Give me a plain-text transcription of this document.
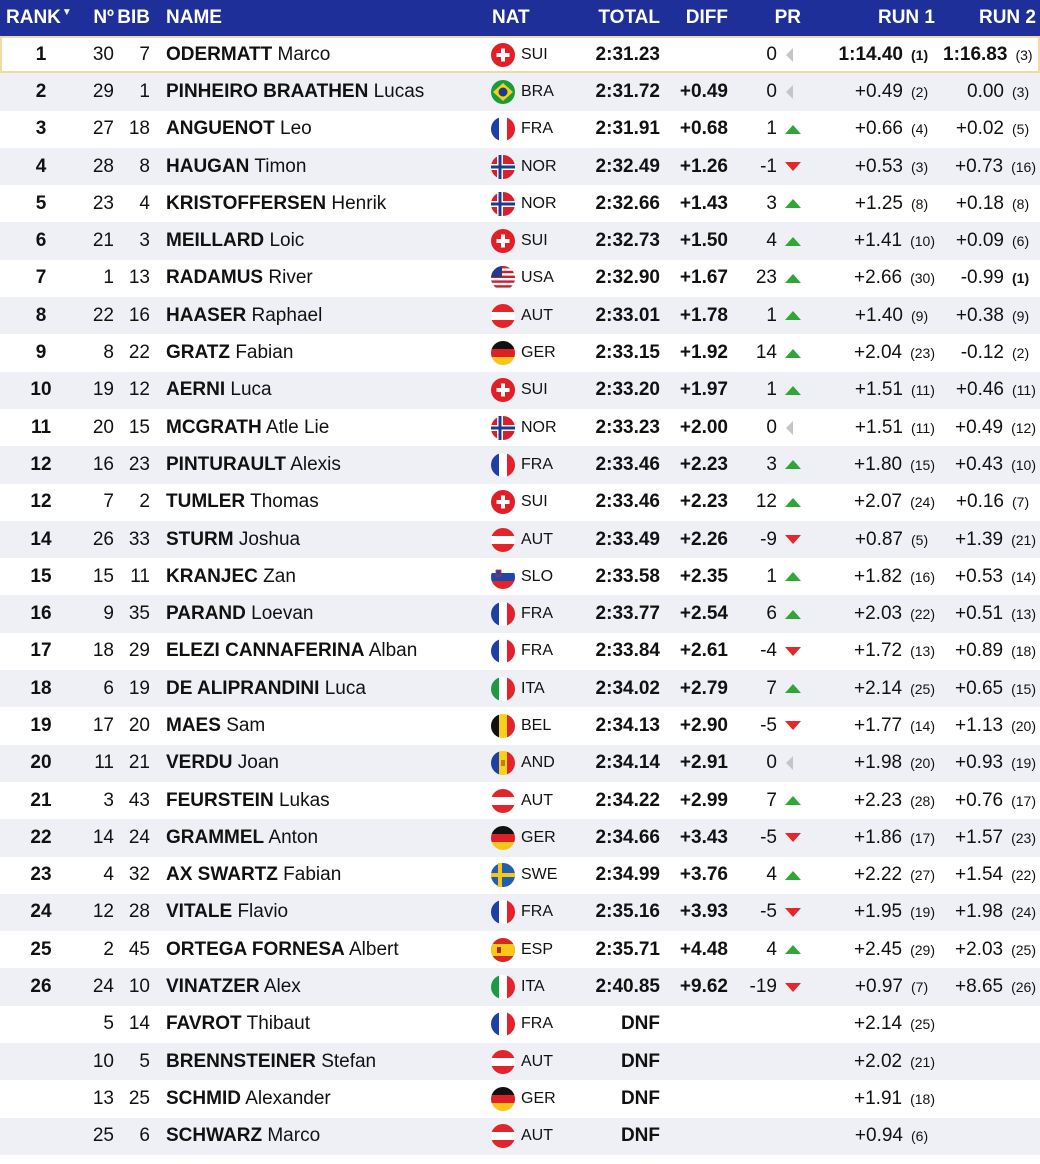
RANK▼	Nº	BIB	NAME	NAT	TOTAL	DIFF	PR	RUN 1	RUN 2
1	30	7	ODERMATT Marco	SUI	2:31.23		0	1:14.40 (1)	1:16.83 (3)
2	29	1	PINHEIRO BRAATHEN Lucas	BRA	2:31.72	+0.49	0	+0.49 (2)	0.00 (3)
3	27	18	ANGUENOT Leo	FRA	2:31.91	+0.68	1	+0.66 (4)	+0.02 (5)
4	28	8	HAUGAN Timon	NOR	2:32.49	+1.26	-1	+0.53 (3)	+0.73 (16)
5	23	4	KRISTOFFERSEN Henrik	NOR	2:32.66	+1.43	3	+1.25 (8)	+0.18 (8)
6	21	3	MEILLARD Loic	SUI	2:32.73	+1.50	4	+1.41 (10)	+0.09 (6)
7	1	13	RADAMUS River	USA	2:32.90	+1.67	23	+2.66 (30)	-0.99 (1)
8	22	16	HAASER Raphael	AUT	2:33.01	+1.78	1	+1.40 (9)	+0.38 (9)
9	8	22	GRATZ Fabian	GER	2:33.15	+1.92	14	+2.04 (23)	-0.12 (2)
10	19	12	AERNI Luca	SUI	2:33.20	+1.97	1	+1.51 (11)	+0.46 (11)
11	20	15	MCGRATH Atle Lie	NOR	2:33.23	+2.00	0	+1.51 (11)	+0.49 (12)
12	16	23	PINTURAULT Alexis	FRA	2:33.46	+2.23	3	+1.80 (15)	+0.43 (10)
12	7	2	TUMLER Thomas	SUI	2:33.46	+2.23	12	+2.07 (24)	+0.16 (7)
14	26	33	STURM Joshua	AUT	2:33.49	+2.26	-9	+0.87 (5)	+1.39 (21)
15	15	11	KRANJEC Zan	SLO	2:33.58	+2.35	1	+1.82 (16)	+0.53 (14)
16	9	35	PARAND Loevan	FRA	2:33.77	+2.54	6	+2.03 (22)	+0.51 (13)
17	18	29	ELEZI CANNAFERINA Alban	FRA	2:33.84	+2.61	-4	+1.72 (13)	+0.89 (18)
18	6	19	DE ALIPRANDINI Luca	ITA	2:34.02	+2.79	7	+2.14 (25)	+0.65 (15)
19	17	20	MAES Sam	BEL	2:34.13	+2.90	-5	+1.77 (14)	+1.13 (20)
20	11	21	VERDU Joan	AND	2:34.14	+2.91	0	+1.98 (20)	+0.93 (19)
21	3	43	FEURSTEIN Lukas	AUT	2:34.22	+2.99	7	+2.23 (28)	+0.76 (17)
22	14	24	GRAMMEL Anton	GER	2:34.66	+3.43	-5	+1.86 (17)	+1.57 (23)
23	4	32	AX SWARTZ Fabian	SWE	2:34.99	+3.76	4	+2.22 (27)	+1.54 (22)
24	12	28	VITALE Flavio	FRA	2:35.16	+3.93	-5	+1.95 (19)	+1.98 (24)
25	2	45	ORTEGA FORNESA Albert	ESP	2:35.71	+4.48	4	+2.45 (29)	+2.03 (25)
26	24	10	VINATZER Alex	ITA	2:40.85	+9.62	-19	+0.97 (7)	+8.65 (26)
	5	14	FAVROT Thibaut	FRA	DNF			+2.14 (25)	
	10	5	BRENNSTEINER Stefan	AUT	DNF			+2.02 (21)	
	13	25	SCHMID Alexander	GER	DNF			+1.91 (18)	
	25	6	SCHWARZ Marco	AUT	DNF			+0.94 (6)	
